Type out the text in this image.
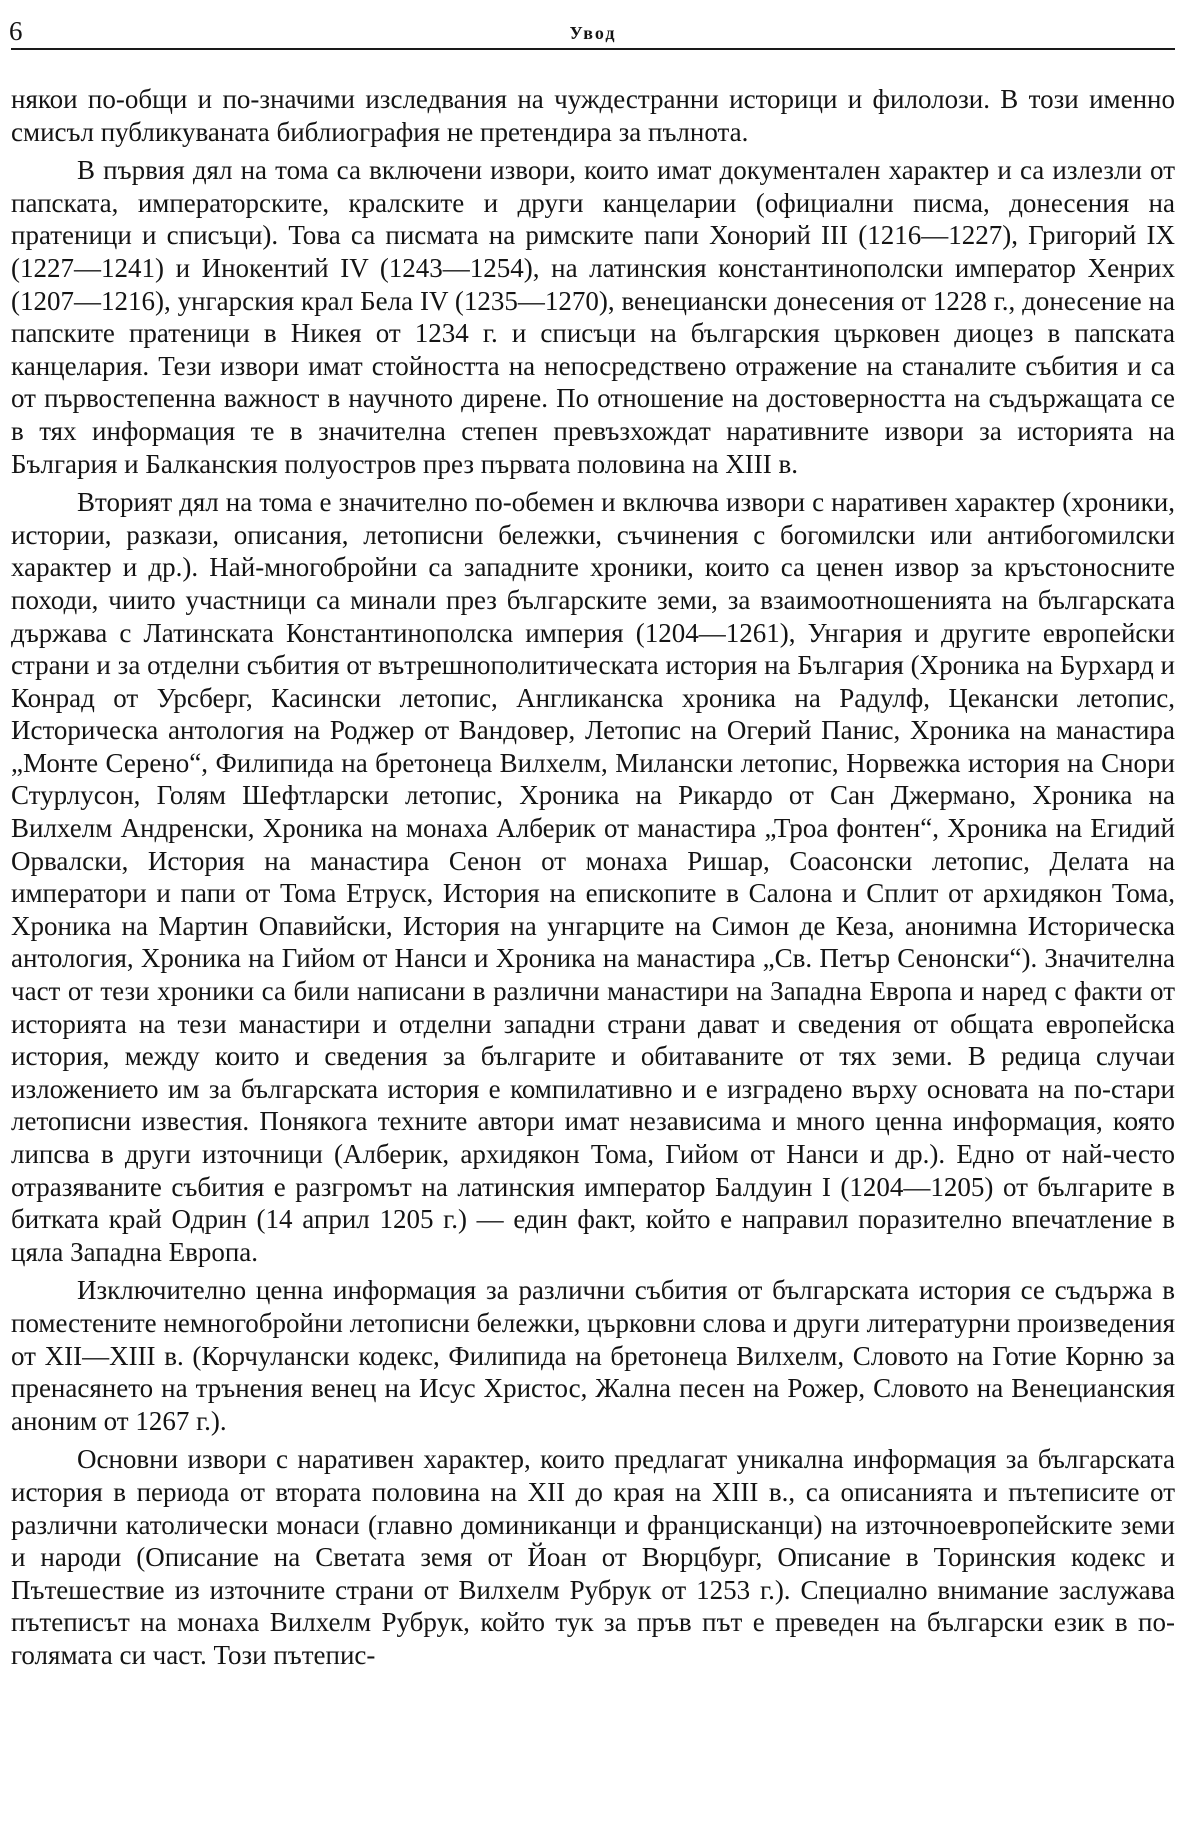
6	Увод

някои по-общи и по-значими изследвания на чуждестранни историци и филолози. В този именно смисъл публикуваната библиография не претендира за пълнота.

В първия дял на тома са включени извори, които имат документален характер и са излезли от папската, императорските, кралските и други канцеларии (официални писма, донесения на пратеници и списъци). Това са писмата на римските папи Хонорий III (1216—1227), Григорий IX (1227—1241) и Инокентий IV (1243—1254), на латинския константинополски император Хенрих (1207—1216), унгарския крал Бела IV (1235—1270), венециански донесения от 1228 г., донесение на папските пратеници в Никея от 1234 г. и списъци на българския църковен диоцез в папската канцелария. Тези извори имат стойността на непосредствено отражение на станалите събития и са от първостепенна важност в научното дирене. По отношение на достоверността на съдържащата се в тях информация те в значителна степен превъзхождат наративните извори за историята на България и Балканския полуостров през първата половина на XIII в.

Вторият дял на тома е значително по-обемен и включва извори с наративен характер (хроники, истории, разкази, описания, летописни бележки, съчинения с богомилски или антибогомилски характер и др.). Най-многобройни са западните хроники, които са ценен извор за кръстоносните походи, чиито участници са минали през българските земи, за взаимоотношенията на българската държава с Латинската Константинополска империя (1204—1261), Унгария и другите европейски страни и за отделни събития от вътрешнополитическата история на България (Хроника на Бурхард и Конрад от Урсберг, Касински летопис, Англиканска хроника на Радулф, Цекански летопис, Историческа антология на Роджер от Вандовер, Летопис на Огерий Панис, Хроника на манастира „Монте Серено“, Филипида на бретонеца Вилхелм, Милански летопис, Норвежка история на Снори Стурлусон, Голям Шефтларски летопис, Хроника на Рикардо от Сан Джермано, Хроника на Вилхелм Андренски, Хроника на монаха Алберик от манастира „Троа фонтен“, Хроника на Егидий Орвалски, История на манастира Сенон от монаха Ришар, Соасонски летопис, Делата на императори и папи от Тома Етруск, История на епископите в Салона и Сплит от архидякон Тома, Хроника на Мартин Опавийски, История на унгарците на Симон де Кеза, анонимна Историческа антология, Хроника на Гийом от Нанси и Хроника на манастира „Св. Петър Сенонски“). Значителна част от тези хроники са били написани в различни манастири на Западна Европа и наред с факти от историята на тези манастири и отделни западни страни дават и сведения от общата европейска история, между които и сведения за българите и обитаваните от тях земи. В редица случаи изложението им за българската история е компилативно и е изградено върху основата на по-стари летописни известия. Понякога техните автори имат независима и много ценна информация, която липсва в други източници (Алберик, архидякон Тома, Гийом от Нанси и др.). Едно от най-често отразяваните събития е разгромът на латинския император Балдуин I (1204—1205) от българите в битката край Одрин (14 април 1205 г.) — един факт, който е направил поразително впечатление в цяла Западна Европа.

Изключително ценна информация за различни събития от българската история се съдържа в поместените немногобройни летописни бележки, църковни слова и други литературни произведения от XII—XIII в. (Корчулански кодекс, Филипида на бретонеца Вилхелм, Словото на Готие Корню за пренасянето на трънения венец на Исус Христос, Жална песен на Рожер, Словото на Венецианския аноним от 1267 г.).

Основни извори с наративен характер, които предлагат уникална информация за българската история в периода от втората половина на XII до края на XIII в., са описанията и пътеписите от различни католически монаси (главно доминиканци и францисканци) на източноевропейските земи и народи (Описание на Светата земя от Йоан от Вюрцбург, Описание в Торинския кодекс и Пътешествие из източните страни от Вилхелм Рубрук от 1253 г.). Специално внимание заслужава пътеписът на монаха Вилхелм Рубрук, който тук за пръв път е преведен на български език в по-голямата си част. Този пътепис-
